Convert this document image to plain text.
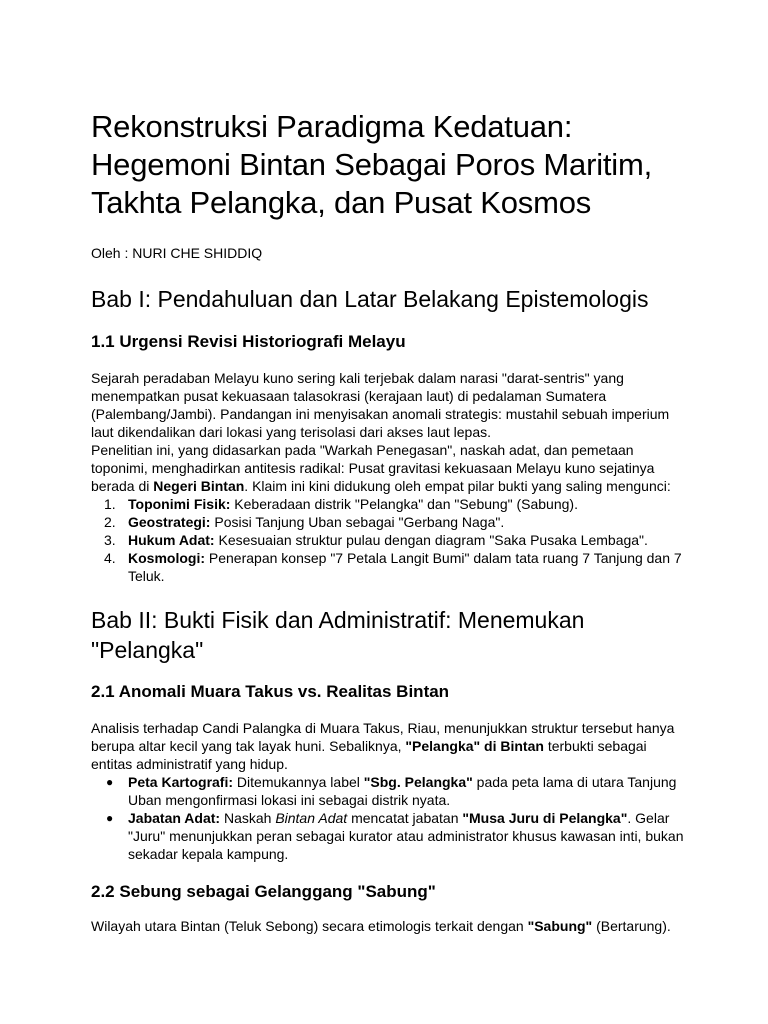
Rekonstruksi Paradigma Kedatuan: Hegemoni Bintan Sebagai Poros Maritim, Takhta Pelangka, dan Pusat Kosmos

Oleh : NURI CHE SHIDDIQ

Bab I: Pendahuluan dan Latar Belakang Epistemologis
1.1 Urgensi Revisi Historiografi Melayu

Sejarah peradaban Melayu kuno sering kali terjebak dalam narasi "darat-sentris" yang menempatkan pusat kekuasaan talasokrasi (kerajaan laut) di pedalaman Sumatera (Palembang/Jambi). Pandangan ini menyisakan anomali strategis: mustahil sebuah imperium laut dikendalikan dari lokasi yang terisolasi dari akses laut lepas.

Penelitian ini, yang didasarkan pada "Warkah Penegasan", naskah adat, dan pemetaan toponimi, menghadirkan antitesis radikal: Pusat gravitasi kekuasaan Melayu kuno sejatinya berada di Negeri Bintan. Klaim ini kini didukung oleh empat pilar bukti yang saling mengunci:

1. Toponimi Fisik: Keberadaan distrik "Pelangka" dan "Sebung" (Sabung).
2. Geostrategi: Posisi Tanjung Uban sebagai "Gerbang Naga".
3. Hukum Adat: Kesesuaian struktur pulau dengan diagram "Saka Pusaka Lembaga".
4. Kosmologi: Penerapan konsep "7 Petala Langit Bumi" dalam tata ruang 7 Tanjung dan 7 Teluk.
Bab II: Bukti Fisik dan Administratif: Menemukan "Pelangka"
2.1 Anomali Muara Takus vs. Realitas Bintan

Analisis terhadap Candi Palangka di Muara Takus, Riau, menunjukkan struktur tersebut hanya berupa altar kecil yang tak layak huni. Sebaliknya, "Pelangka" di Bintan terbukti sebagai entitas administratif yang hidup.

● Peta Kartografi: Ditemukannya label "Sbg. Pelangka" pada peta lama di utara Tanjung Uban mengonfirmasi lokasi ini sebagai distrik nyata.
● Jabatan Adat: Naskah Bintan Adat mencatat jabatan "Musa Juru di Pelangka". Gelar "Juru" menunjukkan peran sebagai kurator atau administrator khusus kawasan inti, bukan sekadar kepala kampung.
2.2 Sebung sebagai Gelanggang "Sabung"

Wilayah utara Bintan (Teluk Sebong) secara etimologis terkait dengan "Sabung" (Bertarung).
